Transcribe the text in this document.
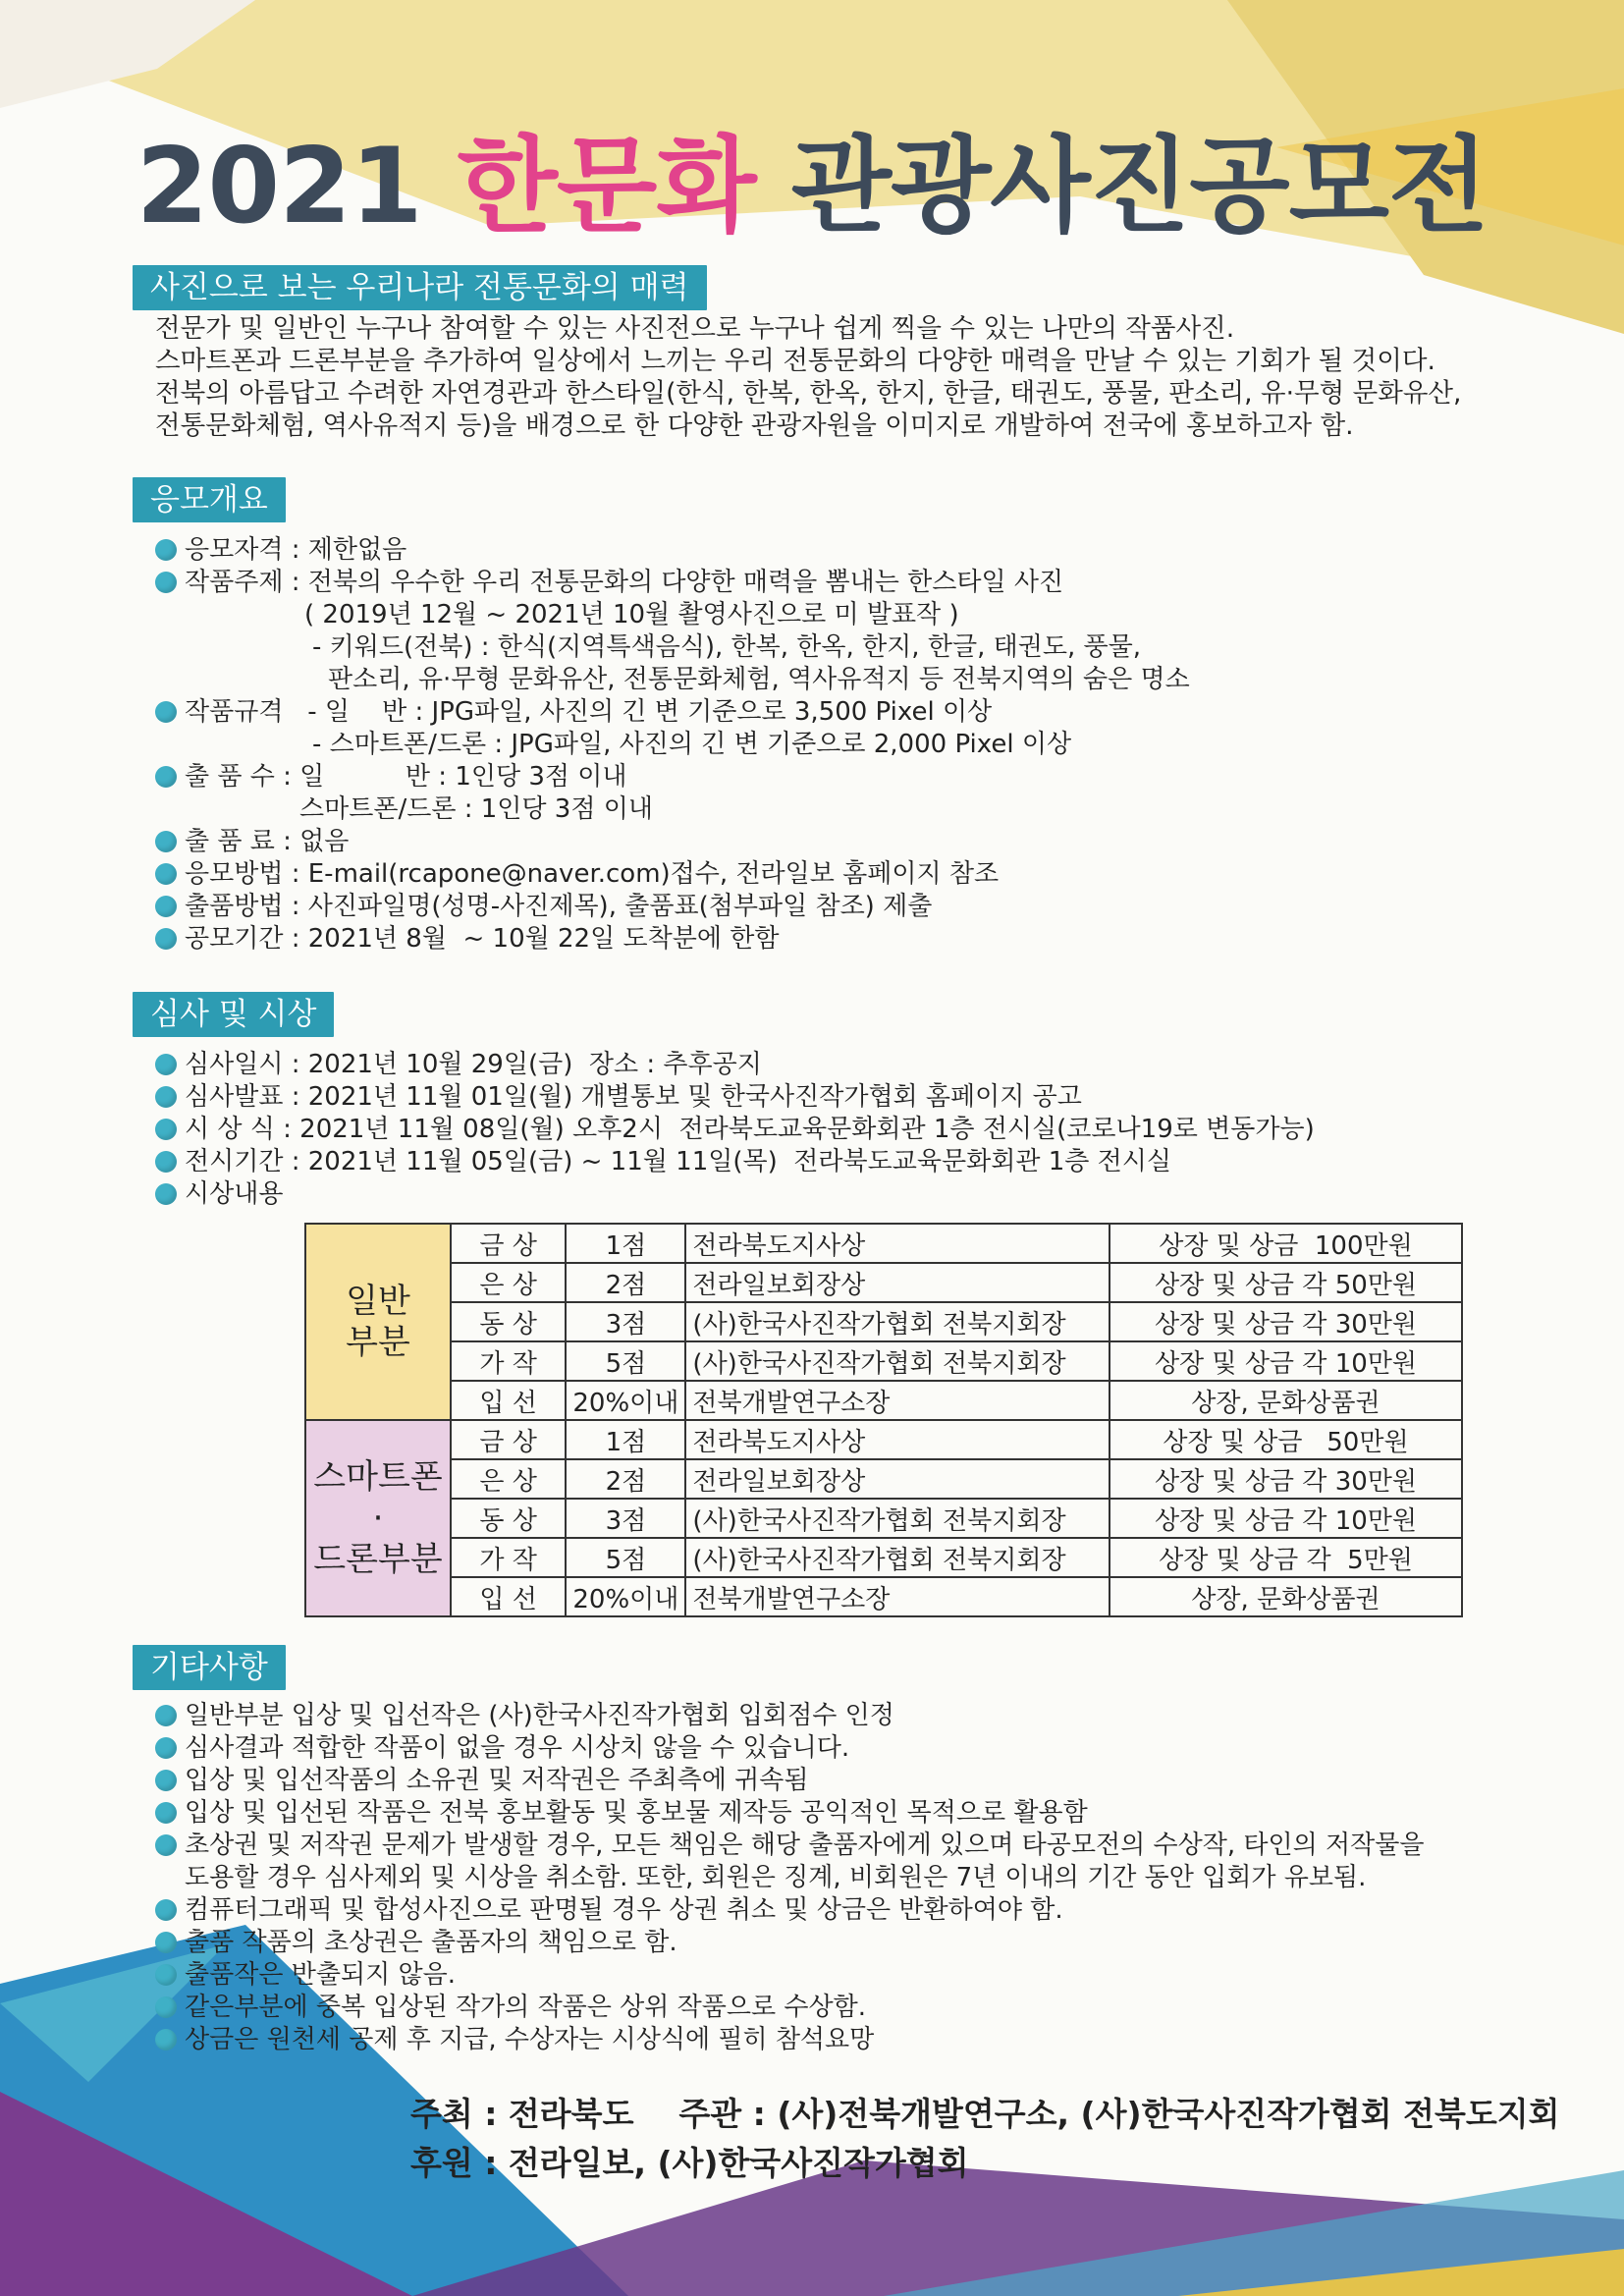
2021 한문화 관광사진공모전
사진으로 보는 우리나라 전통문화의 매력
전문가 및 일반인 누구나 참여할 수 있는 사진전으로 누구나 쉽게 찍을 수 있는 나만의 작품사진.
스마트폰과 드론부분을 추가하여 일상에서 느끼는 우리 전통문화의 다양한 매력을 만날 수 있는 기회가 될 것이다.
전북의 아름답고 수려한 자연경관과 한스타일(한식, 한복, 한옥, 한지, 한글, 태권도, 풍물, 판소리, 유·무형 문화유산,
전통문화체험, 역사유적지 등)을 배경으로 한 다양한 관광자원을 이미지로 개발하여 전국에 홍보하고자 함.
응모개요
응모자격 : 제한없음
작품주제 : 전북의 우수한 우리 전통문화의 다양한 매력을 뽐내는 한스타일 사진
( 2019년 12월 ~ 2021년 10월 촬영사진으로 미 발표작 )
- 키워드(전북) : 한식(지역특색음식), 한복, 한옥, 한지, 한글, 태권도, 풍물,
판소리, 유·무형 문화유산, 전통문화체험, 역사유적지 등 전북지역의 숨은 명소
작품규격   - 일    반 : JPG파일, 사진의 긴 변 기준으로 3,500 Pixel 이상
- 스마트폰/드론 : JPG파일, 사진의 긴 변 기준으로 2,000 Pixel 이상
출 품 수 : 일          반 : 1인당 3점 이내
스마트폰/드론 : 1인당 3점 이내
출 품 료 : 없음
응모방법 : E-mail(rcapone@naver.com)접수, 전라일보 홈페이지 참조
출품방법 : 사진파일명(성명-사진제목), 출품표(첨부파일 참조) 제출
공모기간 : 2021년 8월  ~ 10월 22일 도착분에 한함
심사 및 시상
심사일시 : 2021년 10월 29일(금)  장소 : 추후공지
심사발표 : 2021년 11월 01일(월) 개별통보 및 한국사진작가협회 홈페이지 공고
시 상 식 : 2021년 11월 08일(월) 오후2시  전라북도교육문화회관 1층 전시실(코로나19로 변동가능)
전시기간 : 2021년 11월 05일(금) ~ 11월 11일(목)  전라북도교육문화회관 1층 전시실
시상내용
일반
부분	금 상	1점	전라북도지사상	상장 및 상금  100만원
	은 상	2점	전라일보회장상	상장 및 상금 각 50만원
	동 상	3점	(사)한국사진작가협회 전북지회장	상장 및 상금 각 30만원
	가 작	5점	(사)한국사진작가협회 전북지회장	상장 및 상금 각 10만원
	입 선	20%이내	전북개발연구소장	상장, 문화상품권

스마트폰
·
드론부분	금 상	1점	전라북도지사상	상장 및 상금   50만원
	은 상	2점	전라일보회장상	상장 및 상금 각 30만원
	동 상	3점	(사)한국사진작가협회 전북지회장	상장 및 상금 각 10만원
	가 작	5점	(사)한국사진작가협회 전북지회장	상장 및 상금 각  5만원
	입 선	20%이내	전북개발연구소장	상장, 문화상품권
기타사항
일반부분 입상 및 입선작은 (사)한국사진작가협회 입회점수 인정
심사결과 적합한 작품이 없을 경우 시상치 않을 수 있습니다.
입상 및 입선작품의 소유권 및 저작권은 주최측에 귀속됨
입상 및 입선된 작품은 전북 홍보활동 및 홍보물 제작등 공익적인 목적으로 활용함
초상권 및 저작권 문제가 발생할 경우, 모든 책임은 해당 출품자에게 있으며 타공모전의 수상작, 타인의 저작물을
도용할 경우 심사제외 및 시상을 취소함. 또한, 회원은 징계, 비회원은 7년 이내의 기간 동안 입회가 유보됨.
컴퓨터그래픽 및 합성사진으로 판명될 경우 상권 취소 및 상금은 반환하여야 함.
출품 작품의 초상권은 출품자의 책임으로 함.
출품작은 반출되지 않음.
같은부분에 중복 입상된 작가의 작품은 상위 작품으로 수상함.
상금은 원천세 공제 후 지급, 수상자는 시상식에 필히 참석요망
주최 : 전라북도    주관 : (사)전북개발연구소, (사)한국사진작가협회 전북도지회
후원 : 전라일보, (사)한국사진작가협회
